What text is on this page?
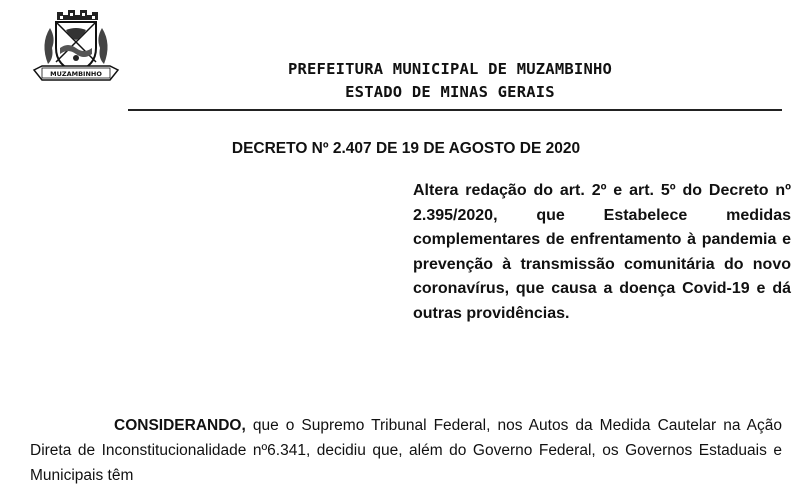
MUZAMBINHO	PREFEITURA MUNICIPAL DE MUZAMBINHO
ESTADO DE MINAS GERAIS
DECRETO Nº 2.407 DE 19 DE AGOSTO DE 2020
Altera redação do art. 2º e art. 5º do Decreto nº 2.395/2020, que Estabelece medidas complementares de enfrentamento à pandemia e prevenção à transmissão comunitária do novo coronavírus, que causa a doença Covid-19 e dá outras providências.
CONSIDERANDO, que o Supremo Tribunal Federal, nos Autos da Medida Cautelar na Ação Direta de Inconstitucionalidade nº6.341, decidiu que, além do Governo Federal, os Governos Estaduais e Municipais têm
